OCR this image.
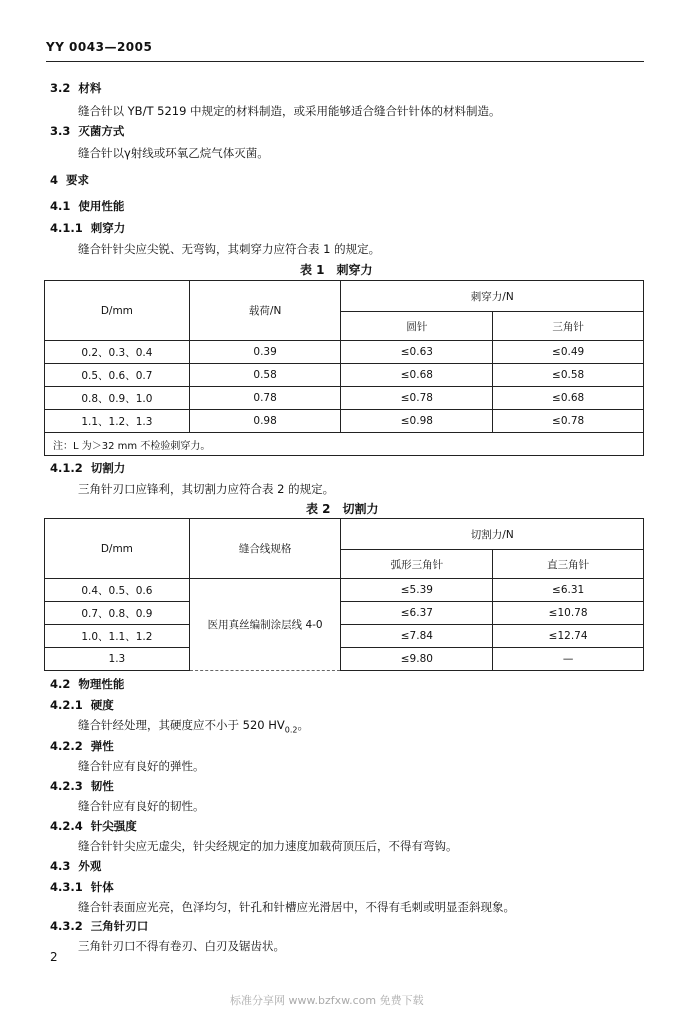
YY 0043—2005
3.2 材料
缝合针以 YB/T 5219 中规定的材料制造，或采用能够适合缝合针针体的材料制造。
3.3 灭菌方式
缝合针以γ射线或环氧乙烷气体灭菌。
4 要求
4.1 使用性能
4.1.1 刺穿力
缝合针针尖应尖锐、无弯钩，其刺穿力应符合表 1 的规定。
表 1　刺穿力
D/mm	载荷/N	刺穿力/N	
		圆针	三角针
0.2、0.3、0.4	0.39	≤0.63	≤0.49
0.5、0.6、0.7	0.58	≤0.68	≤0.58
0.8、0.9、1.0	0.78	≤0.78	≤0.68
1.1、1.2、1.3	0.98	≤0.98	≤0.78
注：L 为＞32 mm 不检验刺穿力。			
4.1.2 切割力
三角针刃口应锋利，其切割力应符合表 2 的规定。
表 2　切割力
D/mm	缝合线规格	切割力/N	
		弧形三角针	直三角针
0.4、0.5、0.6	医用真丝编制涂层线 4-0	≤5.39	≤6.31
0.7、0.8、0.9		≤6.37	≤10.78
1.0、1.1、1.2		≤7.84	≤12.74
1.3		≤9.80	—
4.2 物理性能
4.2.1 硬度
缝合针经处理，其硬度应不小于 520 $HV_{0.2}$。
4.2.2 弹性
缝合针应有良好的弹性。
4.2.3 韧性
缝合针应有良好的韧性。
4.2.4 针尖强度
缝合针针尖应无虚尖，针尖经规定的加力速度加载荷顶压后，不得有弯钩。
4.3 外观
4.3.1 针体
缝合针表面应光亮，色泽均匀，针孔和针槽应光滑居中，不得有毛刺或明显歪斜现象。
4.3.2 三角针刃口
三角针刃口不得有卷刃、白刃及锯齿状。
2
标准分享网 www.bzfxw.com 免费下载
